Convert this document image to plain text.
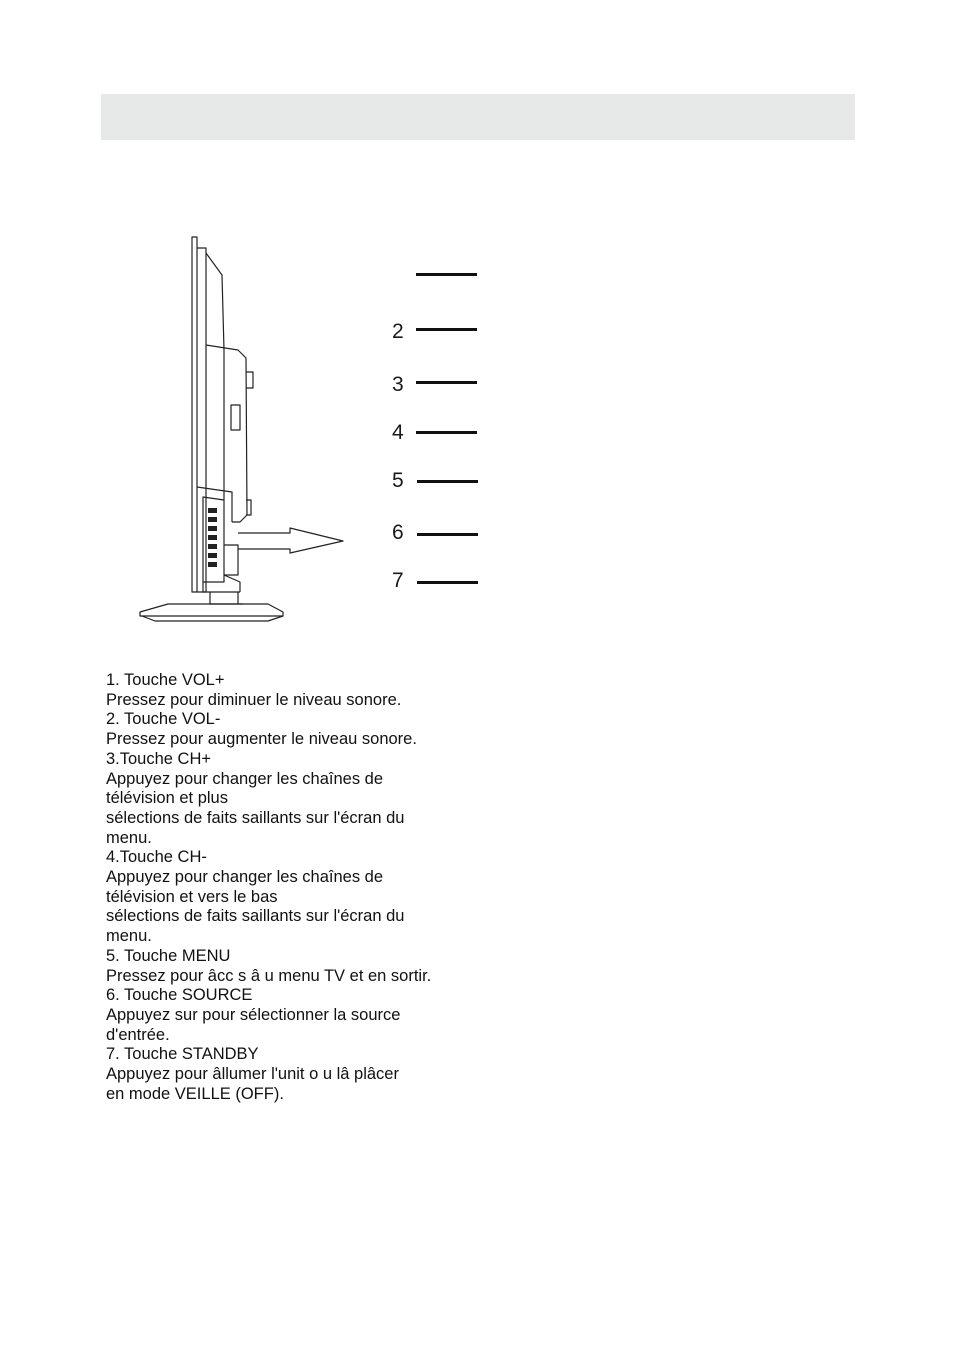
2
3
4
5
6
7

1. Touche VOL+

Pressez pour diminuer le niveau sonore.

2. Touche VOL-

Pressez pour augmenter le niveau sonore.

3.Touche CH+

Appuyez pour changer les chaînes de

télévision et plus

sélections de faits saillants sur l'écran du

menu.

4.Touche CH-

Appuyez pour changer les chaînes de

télévision et vers le bas

sélections de faits saillants sur l'écran du

menu.

5. Touche MENU

Pressez pour âcc s â u menu TV et en sortir.

6. Touche SOURCE

Appuyez sur pour sélectionner la source

d'entrée.

7. Touche STANDBY

Appuyez pour âllumer l'unit o u lâ plâcer

en mode VEILLE (OFF).
